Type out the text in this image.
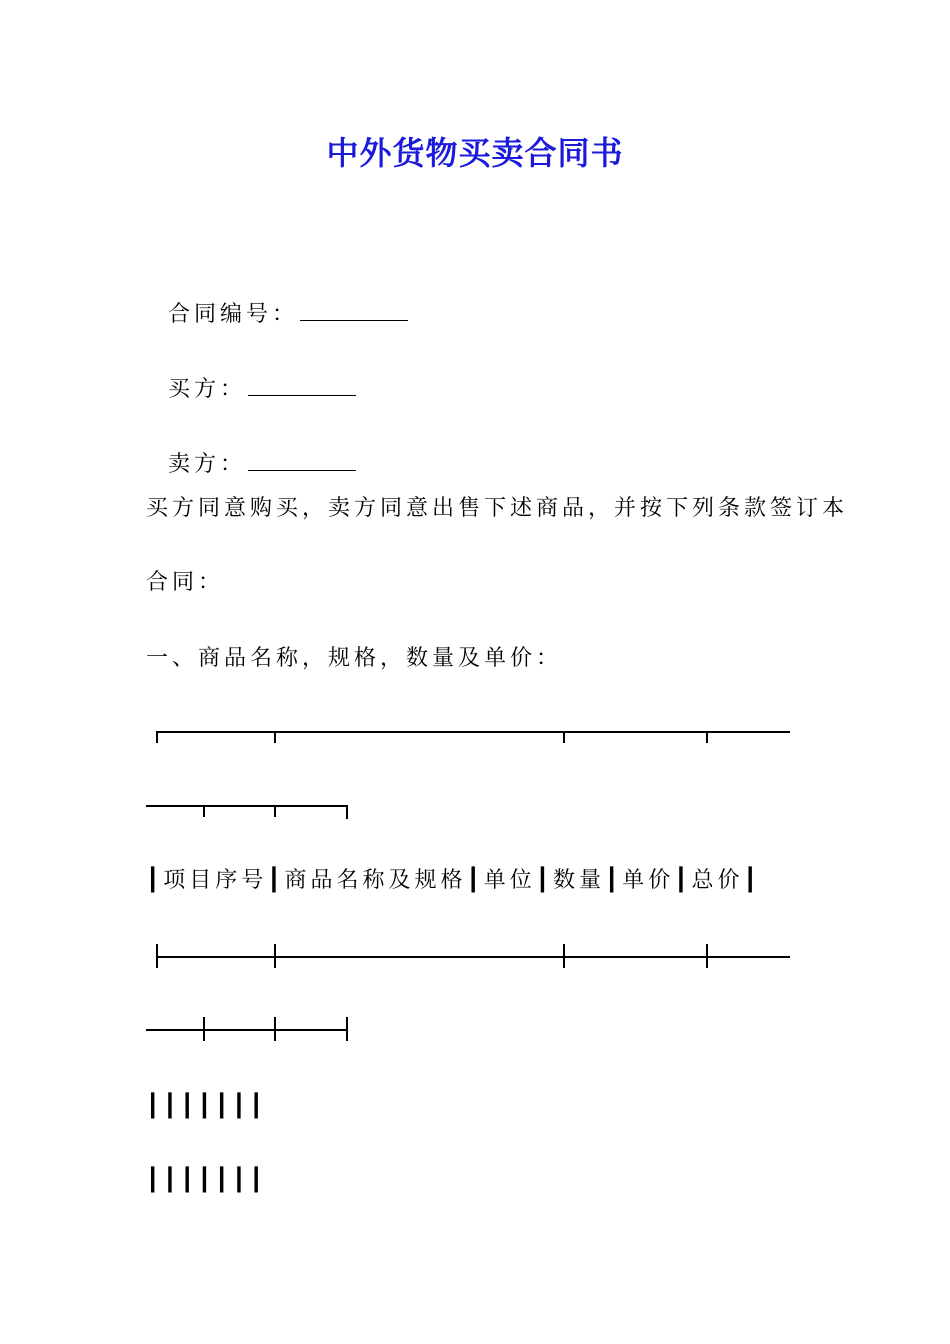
中外货物买卖合同书

合同编号：

买方：

卖方：

买方同意购买，卖方同意出售下述商品，并按下列条款签订本
合同：
一、商品名称，规格，数量及单价：
┃项目序号┃商品名称及规格┃单位┃数量┃单价┃总价┃
┃┃┃┃┃┃┃
┃┃┃┃┃┃┃
